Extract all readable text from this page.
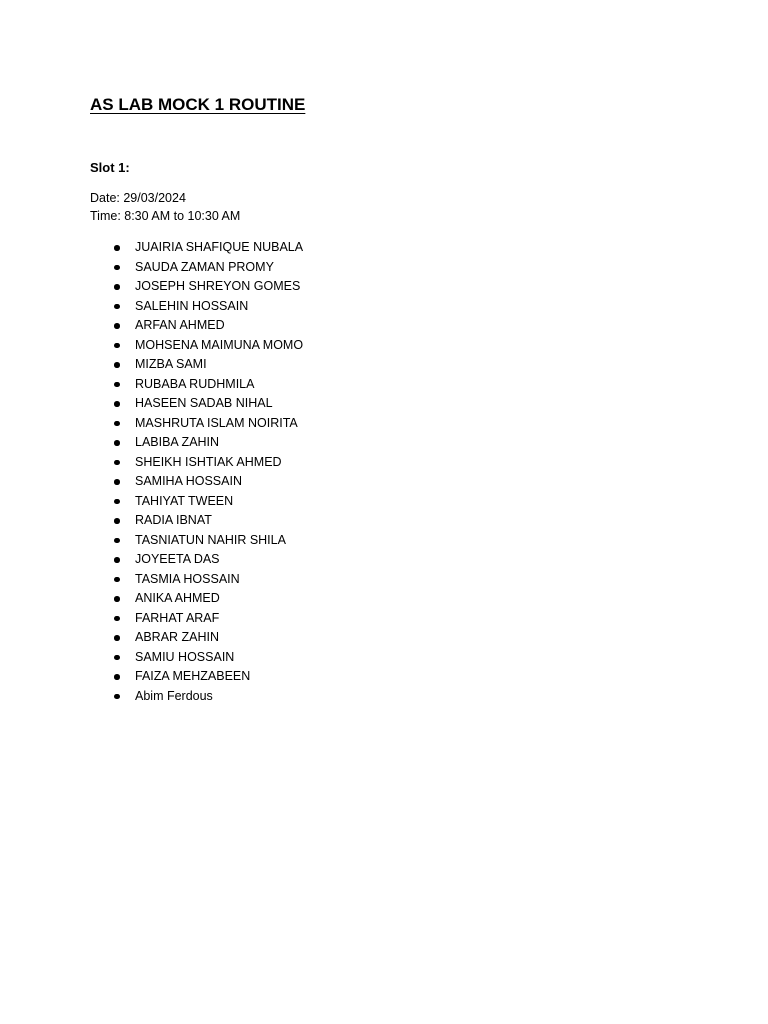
AS LAB MOCK 1 ROUTINE
Slot 1:
Date: 29/03/2024
Time: 8:30 AM to 10:30 AM
JUAIRIA SHAFIQUE NUBALA
SAUDA ZAMAN PROMY
JOSEPH SHREYON GOMES
SALEHIN HOSSAIN
ARFAN AHMED
MOHSENA MAIMUNA MOMO
MIZBA SAMI
RUBABA RUDHMILA
HASEEN SADAB NIHAL
MASHRUTA ISLAM NOIRITA
LABIBA ZAHIN
SHEIKH ISHTIAK AHMED
SAMIHA HOSSAIN
TAHIYAT TWEEN
RADIA IBNAT
TASNIATUN NAHIR SHILA
JOYEETA DAS
TASMIA HOSSAIN
ANIKA AHMED
FARHAT ARAF
ABRAR ZAHIN
SAMIU HOSSAIN
FAIZA MEHZABEEN
Abim Ferdous
